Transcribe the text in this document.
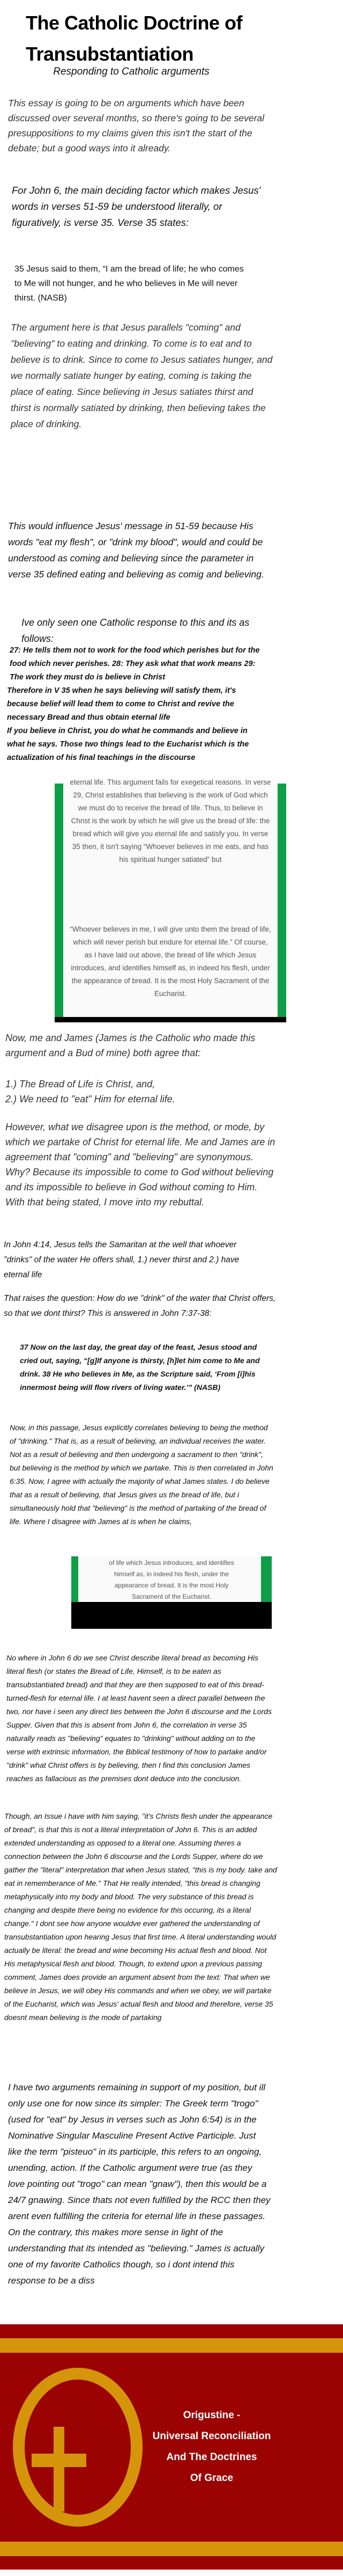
The Catholic Doctrine of Transubstantiation
Responding to Catholic arguments

This essay is going to be on arguments which have been discussed over several months, so there's going to be several presuppositions to my claims given this isn't the start of the debate; but a good ways into it already.

For John 6, the main deciding factor which makes Jesus' words in verses 51-59 be understood literally, or figuratively, is verse 35. Verse 35 states:

35 Jesus said to them, “I am the bread of life; he who comes to Me will not hunger, and he who believes in Me will never thirst. (NASB)

The argument here is that Jesus parallels "coming" and "believing" to eating and drinking. To come is to eat and to believe is to drink. Since to come to Jesus satiates hunger, and we normally satiate hunger by eating, coming is taking the place of eating. Since believing in Jesus satiates thirst and thirst is normally satiated by drinking, then believing takes the place of drinking.

This would influence Jesus' message in 51-59 because His words "eat my flesh", or "drink my blood", would and could be understood as coming and believing since the parameter in verse 35 defined eating and believing as comig and believing.

Ive only seen one Catholic response to this and its as follows:

27: He tells them not to work for the food which perishes but for the food which never perishes. 28: They ask what that work means 29: The work they must do is believe in Christ
Therefore in V 35 when he says believing will satisfy them, it's because belief will lead them to come to Christ and revive the necessary Bread and thus obtain eternal life
If you believe in Christ, you do what he commands and believe in what he says. Those two things lead to the Eucharist which is the actualization of his final teachings in the discourse
eternal life. This argument fails for exegetical reasons. In verse 29, Christ establishes that believing is the work of God which we must do to receive the bread of life. Thus, to believe in Christ is the work by which he will give us the bread of life: the bread which will give you eternal life and satisfy you. In verse 35 then, it isn't saying “Whoever believes in me eats, and has his spiritual hunger satiated” but
“Whoever believes in me, I will give unto them the bread of life, which will never perish but endure for eternal life.” Of course, as I have laid out above, the bread of life which Jesus introduces, and identifies himself as, in indeed his flesh, under the appearance of bread. It is the most Holy Sacrament of the Eucharist.

Now, me and James (James is the Catholic who made this argument and a Bud of mine) both agree that:

1.) The Bread of Life is Christ, and,
2.) We need to "eat" Him for eternal life.

However, what we disagree upon is the method, or mode, by which we partake of Christ for eternal life. Me and James are in agreement that "coming" and "believing" are synonymous. Why? Because its impossible to come to God without believing and its impossible to believe in God without coming to Him. With that being stated, I move into my rebuttal.

In John 4:14, Jesus tells the Samaritan at the well that whoever "drinks" of the water He offers shall, 1.) never thirst and 2.) have eternal life

That raises the question: How do we "drink" of the water that Christ offers, so that we dont thirst? This is answered in John 7:37-38:

37 Now on the last day, the great day of the feast, Jesus stood and cried out, saying, “[g]If anyone is thirsty, [h]let him come to Me and drink. 38 He who believes in Me, as the Scripture said, ‘From [i]his innermost being will flow rivers of living water.’” (NASB)

Now, in this passage, Jesus explicitly correlates believing to being the method of "drinking." That is, as a result of believing, an individual receives the water. Not as a result of believing and then undergoing a sacrament to then "drink", but believing is the method by which we partake. This is then correlated in John 6:35. Now, I agree with actually the majority of what James states. I do believe that as a result of believing, that Jesus gives us the bread of life, but i simultaneously hold that "believing" is the method of partaking of the bread of life. Where I disagree with James at is when he claims,

of life which Jesus introduces, and identifies himself as, in indeed his flesh, under the appearance of bread. It is the most Holy Sacrament of the Eucharist.

No where in John 6 do we see Christ describe literal bread as becoming His literal flesh (or states the Bread of Life, Himself, is to be eaten as transubstantiated bread) and that they are then supposed to eat of this bread-turned-flesh for eternal life. I at least havent seen a direct parallel between the two, nor have i seen any direct ties between the John 6 discourse and the Lords Supper. Given that this is absent from John 6, the correlation in verse 35 naturally reads as "believing" equates to "drinking" without adding on to the verse with extrinsic information, the Biblical testimony of how to partake and/or "drink" what Christ offers is by believing, then I find this conclusion James reaches as fallacious as the premises dont deduce into the conclusion.

Though, an Issue i have with him saying, "it's Christs flesh under the appearance of bread", is that this is not a literal interpretation of John 6. This is an added extended understanding as opposed to a literal one. Assuming theres a connection between the John 6 discourse and the Lords Supper, where do we gather the "literal" interpretation that when Jesus stated, "this is my body. take and eat in rememberance of Me." That He really intended, "this bread is changing metaphysically into my body and blood. The very substance of this bread is changing and despite there being no evidence for this occuring, its a literal change." I dont see how anyone wouldve ever gathered the understanding of transubstantiation upon hearing Jesus that first time. A literal understanding would actually be literal: the bread and wine becoming His actual flesh and blood. Not His metaphysical flesh and blood. Though, to extend upon a previous passing comment, James does provide an argument absent from the text: That when we believe in Jesus, we will obey His commands and when we obey, we will partake of the Eucharist, which was Jesus' actual flesh and blood and therefore, verse 35 doesnt mean believing is the mode of partaking

I have two arguments remaining in support of my position, but ill only use one for now since its simpler: The Greek term "trogo" (used for "eat" by Jesus in verses such as John 6:54) is in the Nominative Singular Masculine Present Active Participle. Just like the term "pisteuo" in its participle, this refers to an ongoing, unending, action. If the Catholic argument were true (as they love pointing out "trogo" can mean "gnaw"), then this would be a 24/7 gnawing. Since thats not even fulfilled by the RCC then they arent even fulfilling the criteria for eternal life in these passages. On the contrary, this makes more sense in light of the understanding that its intended as "believing." James is actually one of my favorite Catholics though, so i dont intend this response to be a diss

Origustine -
Universal Reconciliation
And The Doctrines
Of Grace
